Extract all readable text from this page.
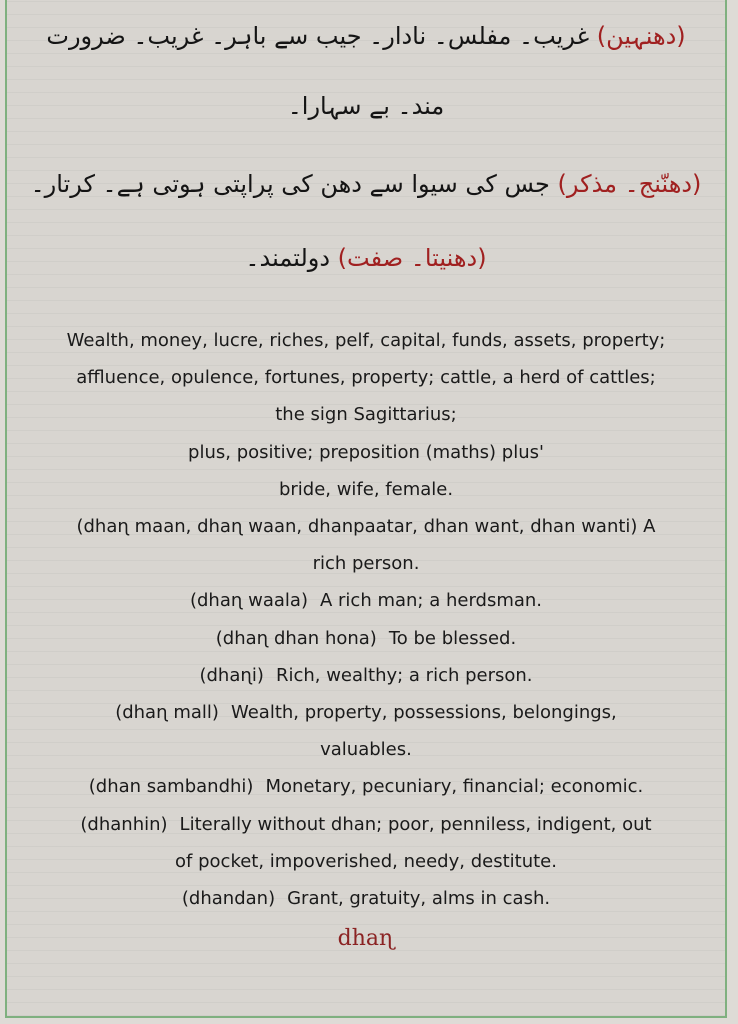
(دھنہین) غریب۔ مفلس۔ نادار۔ جیب سے باہر۔ غریب۔ ضرورت

مند۔ بے سہارا۔

(دھنّنج۔ مذکر) جس کی سیوا سے دھن کی پراپتی ہوتی ہے۔ کرتار۔

(دھنیتا۔ صفت) دولتمند۔

Wealth, money, lucre, riches, pelf, capital, funds, assets, property;
affluence, opulence, fortunes, property; cattle, a herd of cattles;
the sign Sagittarius;
plus, positive; preposition (maths) plus'
bride, wife, female.
(dhaɳ maan, dhaɳ waan, dhanpaatar, dhan want, dhan wanti) A
rich person.
(dhaɳ waala) A rich man; a herdsman.
(dhaɳ dhan hona) To be blessed.
(dhaɳi) Rich, wealthy; a rich person.
(dhaɳ mall) Wealth, property, possessions, belongings,
valuables.
(dhan sambandhi) Monetary, pecuniary, financial; economic.
(dhanhin) Literally without dhan; poor, penniless, indigent, out
of pocket, impoverished, needy, destitute.
(dhandan) Grant, gratuity, alms in cash.
dhaɳ
